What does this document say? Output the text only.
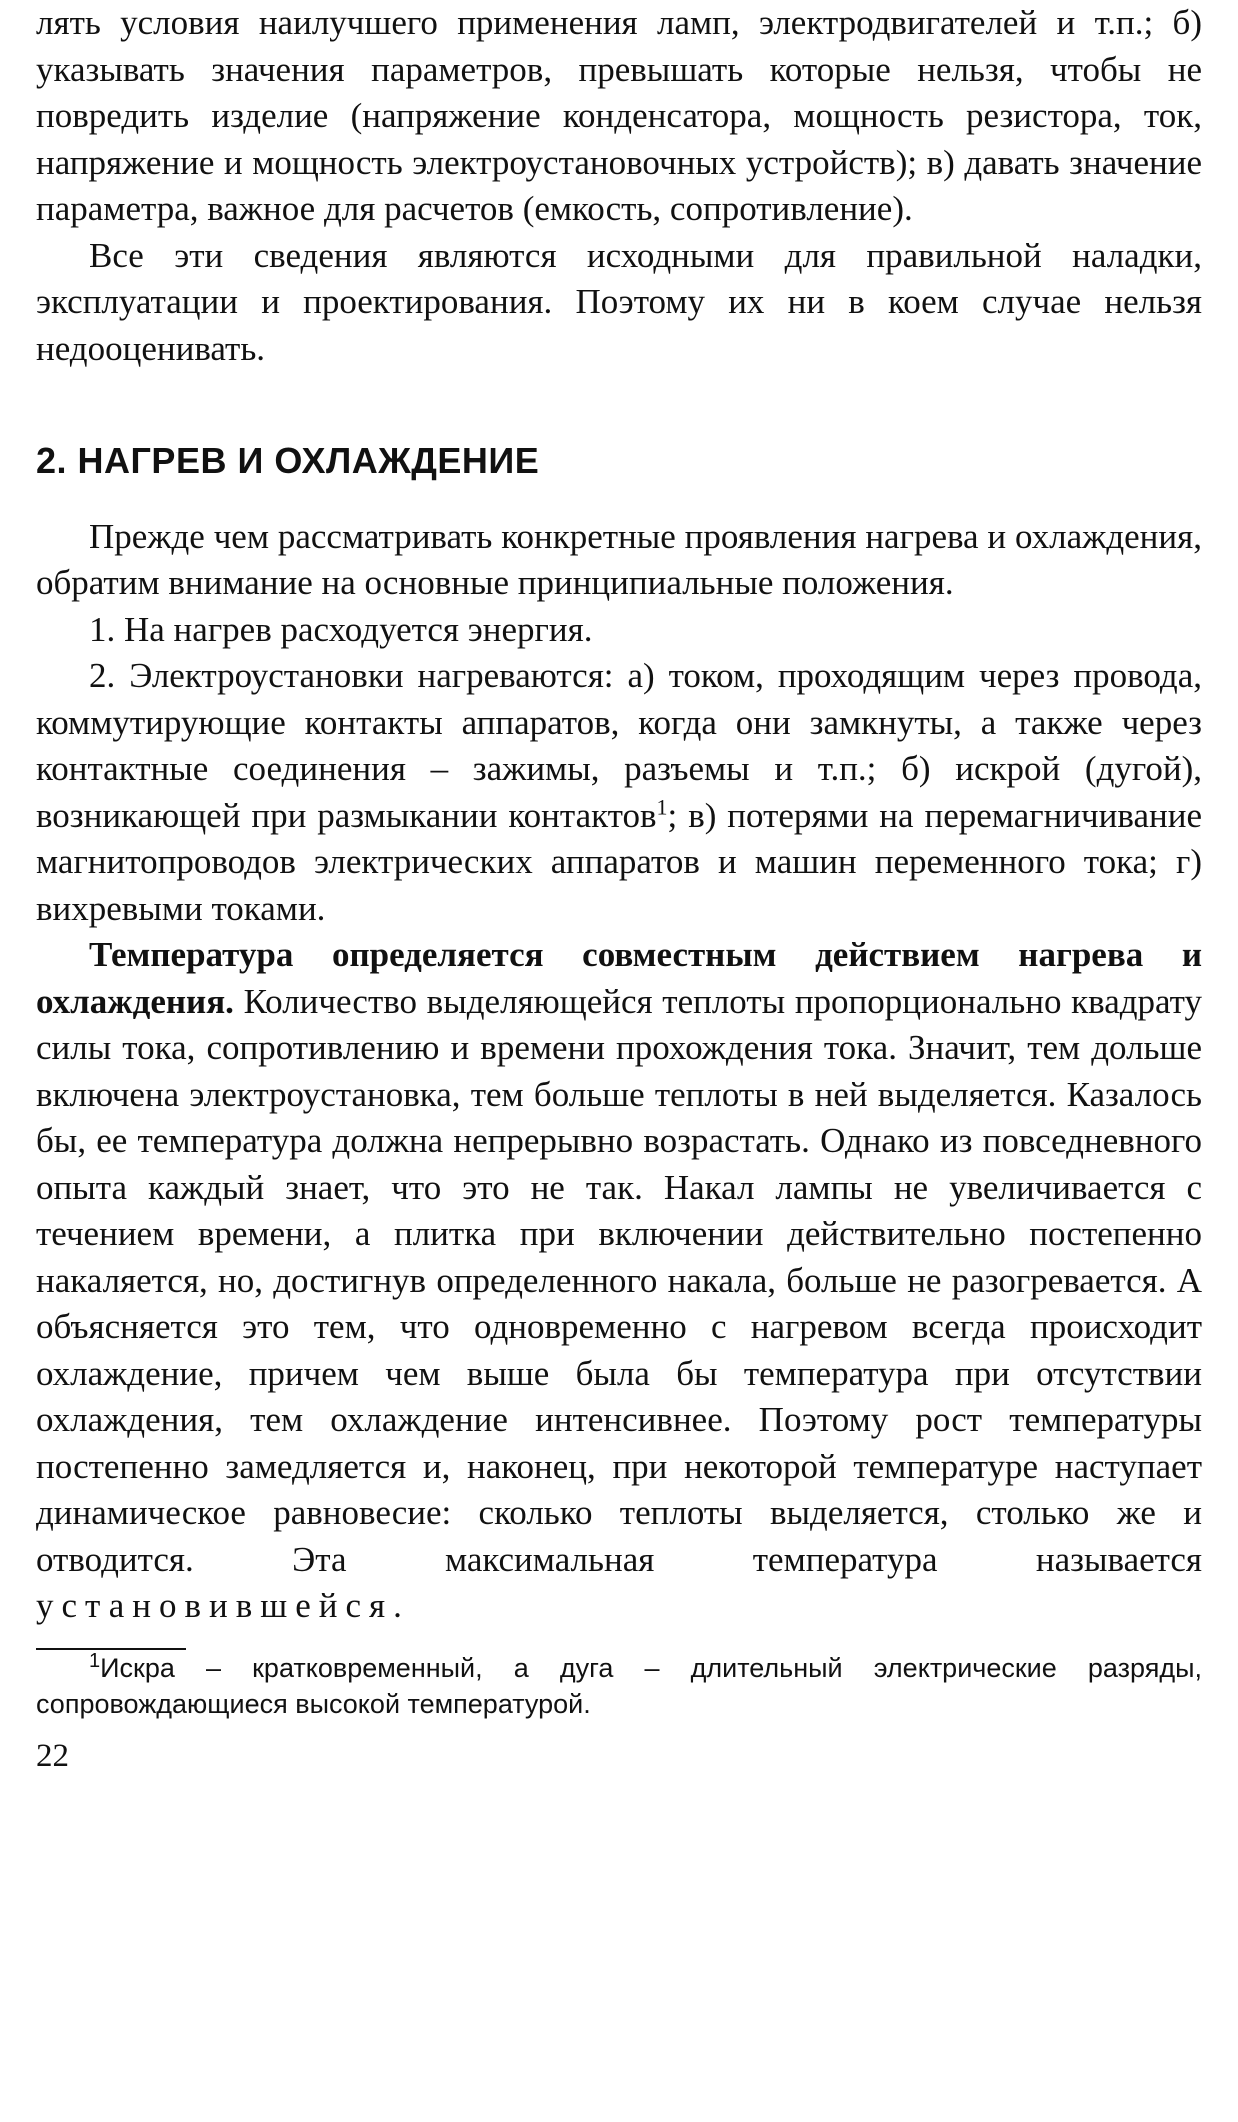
лять условия наилучшего применения ламп, электродвигателей и т.п.; б) указывать значения параметров, превышать которые нельзя, чтобы не повредить изделие (напряжение конденсатора, мощность резистора, ток, напряжение и мощность электроустановочных устройств); в) давать значение параметра, важное для расчетов (емкость, сопротивление).

Все эти сведения являются исходными для правильной наладки, эксплуатации и проектирования. Поэтому их ни в коем случае нельзя недооценивать.

2. НАГРЕВ И ОХЛАЖДЕНИЕ

Прежде чем рассматривать конкретные проявления нагрева и охлаждения, обратим внимание на основные принципиальные положения.

1. На нагрев расходуется энергия.

2. Электроустановки нагреваются: а) током, проходящим через провода, коммутирующие контакты аппаратов, когда они замкнуты, а также через контактные соединения – зажимы, разъемы и т.п.; б) искрой (дугой), возникающей при размыкании контактов$^1$; в) потерями на перемагничивание магнитопроводов электрических аппаратов и машин переменного тока; г) вихревыми токами.

Температура определяется совместным действием нагрева и охлаждения. Количество выделяющейся теплоты пропорционально квадрату силы тока, сопротивлению и времени прохождения тока. Значит, тем дольше включена электроустановка, тем больше теплоты в ней выделяется. Казалось бы, ее температура должна непрерывно возрастать. Однако из повседневного опыта каждый знает, что это не так. Накал лампы не увеличивается с течением времени, а плитка при включении действительно постепенно накаляется, но, достигнув определенного накала, больше не разогревается. А объясняется это тем, что одновременно с нагревом всегда происходит охлаждение, причем чем выше была бы температура при отсутствии охлаждения, тем охлаждение интенсивнее. Поэтому рост температуры постепенно замедляется и, наконец, при некоторой температуре наступает динамическое равновесие: сколько теплоты выделяется, столько же и отводится. Эта максимальная температура называется установившейся.

$^1$Искра – кратковременный, а дуга – длительный электрические разряды, сопровождающиеся высокой температурой.

22
